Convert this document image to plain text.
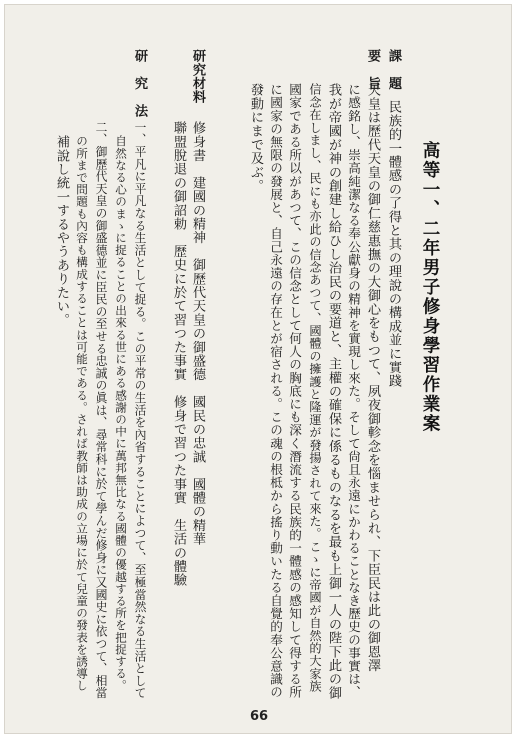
高等一、二年男子修身學習作業案
課　題民族的一體感の了得と其の理說の構成並に實踐
要　旨
天皇は歷代天皇の御仁慈惠撫の大御心をもつて、夙夜御軫念を惱ませられ、下臣民は此の御恩澤
に感銘し、崇高純潔なる奉公獻身の精神を實現し來た。そして尙且永遠にかわることなき歷史の事實は、
我が帝國が神の創建し給ひし治民の要道と、主權の確保に係るものなるを最も上御一人の陛下此の御
信念在しまし、民にも亦此の信念あつて、國體の擁護と隆運が發揚されて來た。こゝに帝國が自然的大家族
國家である所以があつて、この信念として何人の胸底にも深く潛流する民族的一體感の感知して得する所
に國家の無限の發展と、自己永遠の存在とが宿される。この魂の根柢から搖り動いたる自覺的奉公意識の
發動にまで及ぶ。
研究材料
修身書　建國の精神　御歷代天皇の御盛德　國民の忠誠　國體の精華
聯盟脫退の御詔勅　歷史に於て習つた事實　修身で習つた事實　生活の體驗
研　究　法
一、平凡に平凡なる生活として捉る。この平常の生活を內省することによつて、至極當然なる生活として
自然なる心のまゝに捉ることの出來る世にある感謝の中に萬邦無比なる國體の優越する所を把捉する。
二、御歷代天皇の御盛德並に臣民の至せる忠誠の眞は、尋常科に於て學んだ修身に又國史に依つて、相當
の所まで問題も內容も構成することは可能である。されば教師は助成の立場に於て兒童の發表を誘導し
補說し統一するやうありたい。
66
